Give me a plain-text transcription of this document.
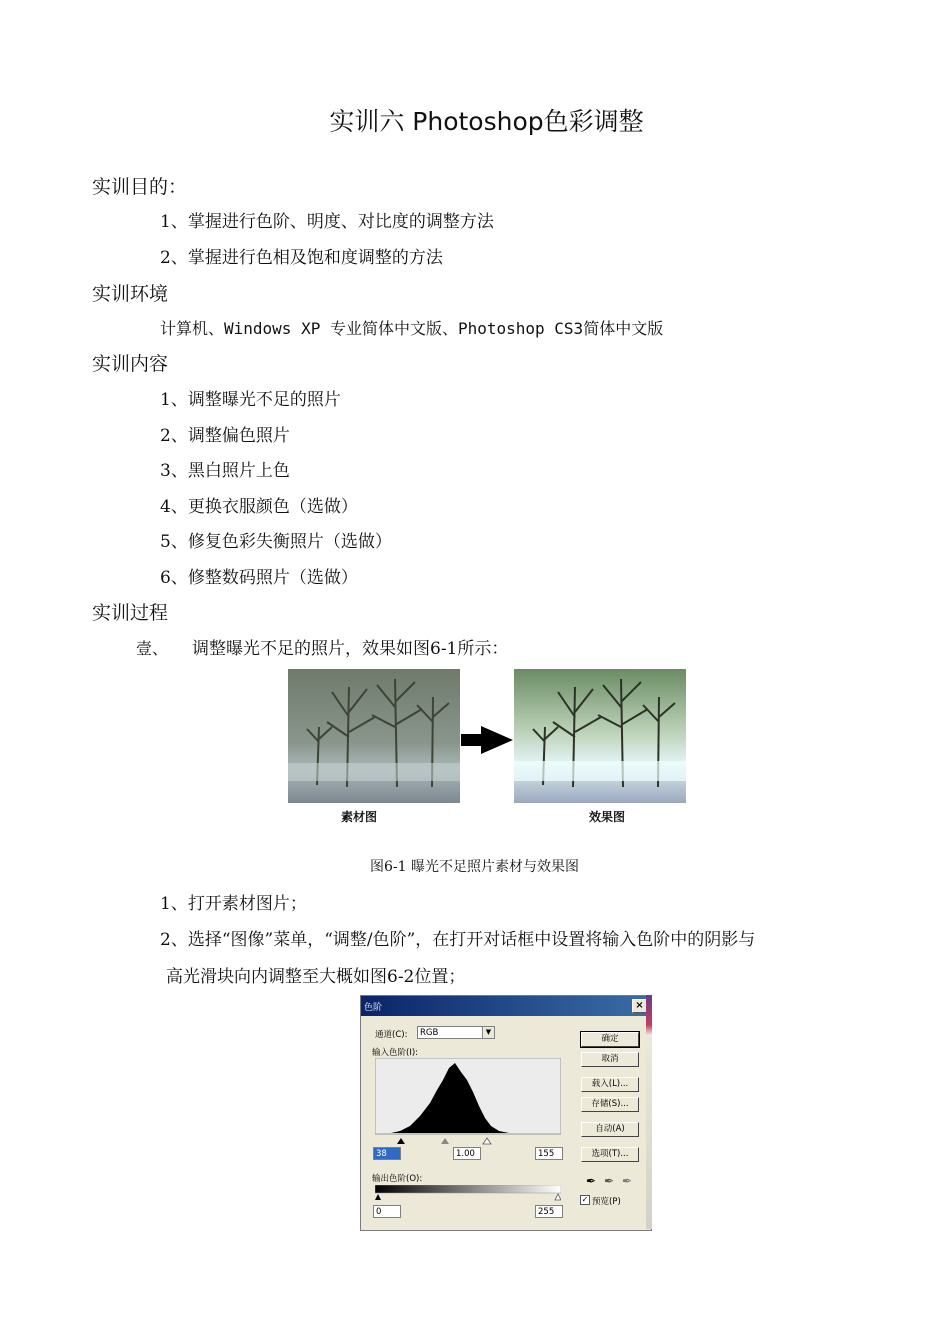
实训六 Photoshop色彩调整
实训目的：
1、掌握进行色阶、明度、对比度的调整方法
2、掌握进行色相及饱和度调整的方法
实训环境
计算机、Windows XP 专业简体中文版、Photoshop CS3简体中文版
实训内容
1、调整曝光不足的照片
2、调整偏色照片
3、黑白照片上色
4、更换衣服颜色（选做）
5、修复色彩失衡照片（选做）
6、修整数码照片（选做）
实训过程
壹、 调整曝光不足的照片，效果如图6-1所示：
素材图	效果图
图6-1 曝光不足照片素材与效果图
1、打开素材图片；
2、选择“图像”菜单，“调整/色阶”，在打开对话框中设置将输入色阶中的阴影与
高光滑块向内调整至大概如图6-2位置；
色阶	×
通道(C):	RGB	▼
输入色阶(I):
38	1.00	155
输出色阶(O):
0	255
确定
取消
载入(L)...
存储(S)...
自动(A)
选项(T)...
✒ ✒ ✒
✓ 预览(P)
